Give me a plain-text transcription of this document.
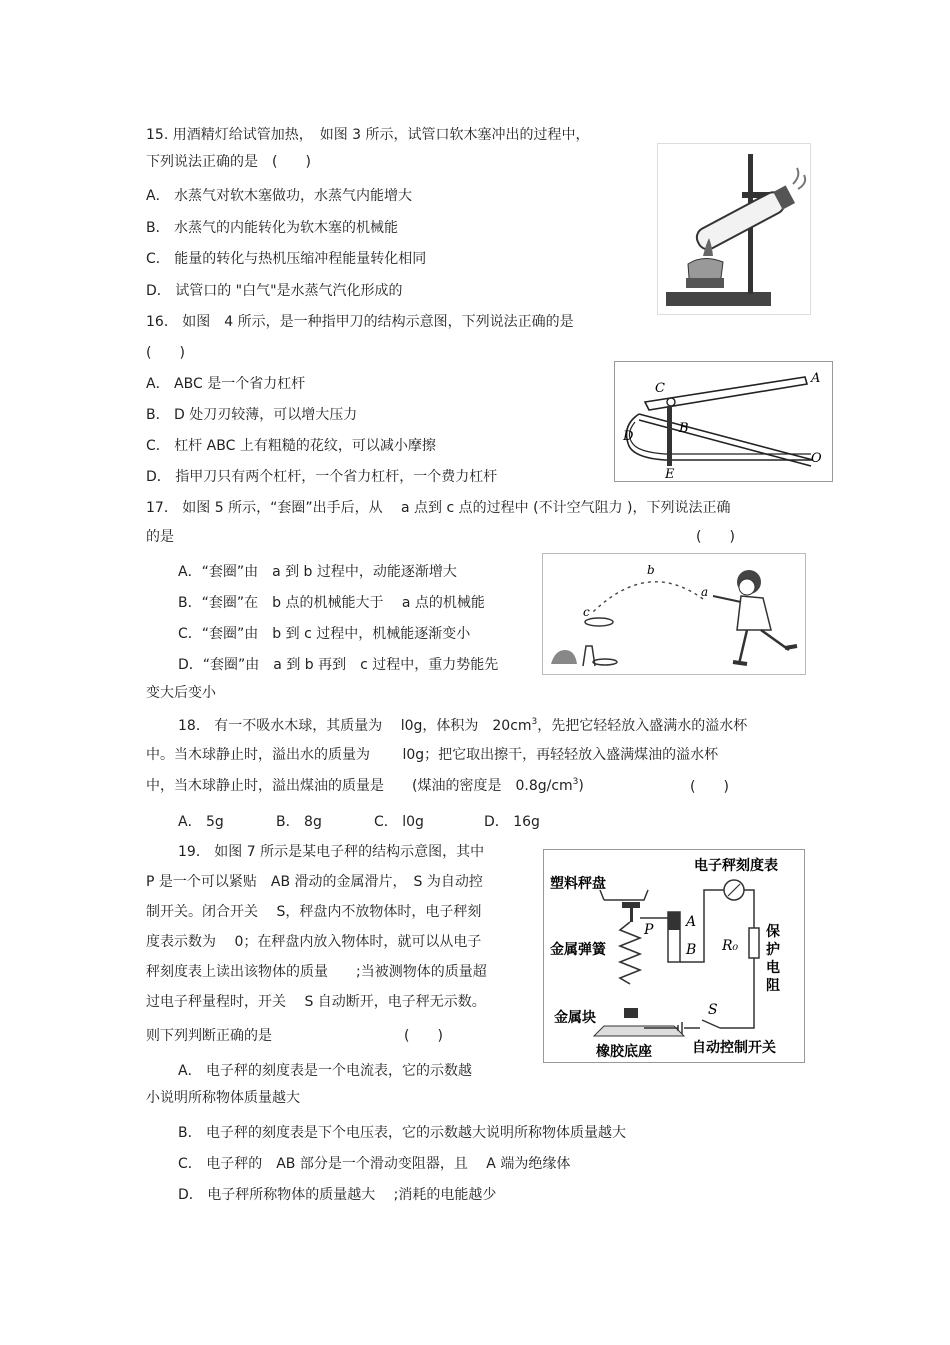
15. 用酒精灯给试管加热，　如图 3 所示，试管口软木塞冲出的过程中，
下列说法正确的是　(　　)
A． 水蒸气对软木塞做功，水蒸气内能增大
B． 水蒸气的内能转化为软木塞的机械能
C． 能量的转化与热机压缩冲程能量转化相同
D． 试管口的 "白气"是水蒸气汽化形成的
16． 如图　4 所示，是一种指甲刀的结构示意图，下列说法正确的是
(　　)
A． ABC 是一个省力杠杆
B． D 处刀刃较薄，可以增大压力
C． 杠杆 ABC 上有粗糙的花纹，可以减小摩擦
D． 指甲刀只有两个杠杆，一个省力杠杆，一个费力杠杆
C
A
B
D
E
O
17． 如图 5 所示，“套圈”出手后，从　 a 点到 c 点的过程中 (不计空气阻力 )，下列说法正确
的是	(　　)
A．“套圈”由　a 到 b 过程中，动能逐渐增大
B．“套圈”在　b 点的机械能大于　 a 点的机械能
C．“套圈”由　b 到 c 过程中，机械能逐渐变小
D．“套圈”由　a 到 b 再到　c 过程中，重力势能先
变大后变小
b
a
c
18． 有一不吸水木球，其质量为　 l0g，体积为　$20cm^3$，先把它轻轻放入盛满水的溢水杯
中。当木球静止时，溢出水的质量为　　 l0g；把它取出擦干，再轻轻放入盛满煤油的溢水杯
中，当木球静止时，溢出煤油的质量是　　(煤油的密度是　$0.8g/cm^3$)	(　　)
A． 5g	B． 8g	C． l0g	D． 16g
19． 如图 7 所示是某电子秤的结构示意图，其中
P 是一个可以紧贴　AB 滑动的金属滑片，　S 为自动控
制开关。闭合开关　 S，秤盘内不放物体时，电子秤刻
度表示数为　 0；在秤盘内放入物体时，就可以从电子
秤刻度表上读出该物体的质量　　;当被测物体的质量超
过电子秤量程时，开关　 S 自动断开，电子秤无示数。
则下列判断正确的是	(　　)
A． 电子秤的刻度表是一个电流表，它的示数越
小说明所称物体质量越大
B． 电子秤的刻度表是下个电压表，它的示数越大说明所称物体质量越大
C． 电子秤的　AB 部分是一个滑动变阻器，且　 A 端为绝缘体
D． 电子秤所称物体的质量越大　 ;消耗的电能越少
塑料秤盘
电子秤刻度表
金属弹簧
金属块
橡胶底座	自动控制开关
保
护
电
阻
P A
B R₀
S
